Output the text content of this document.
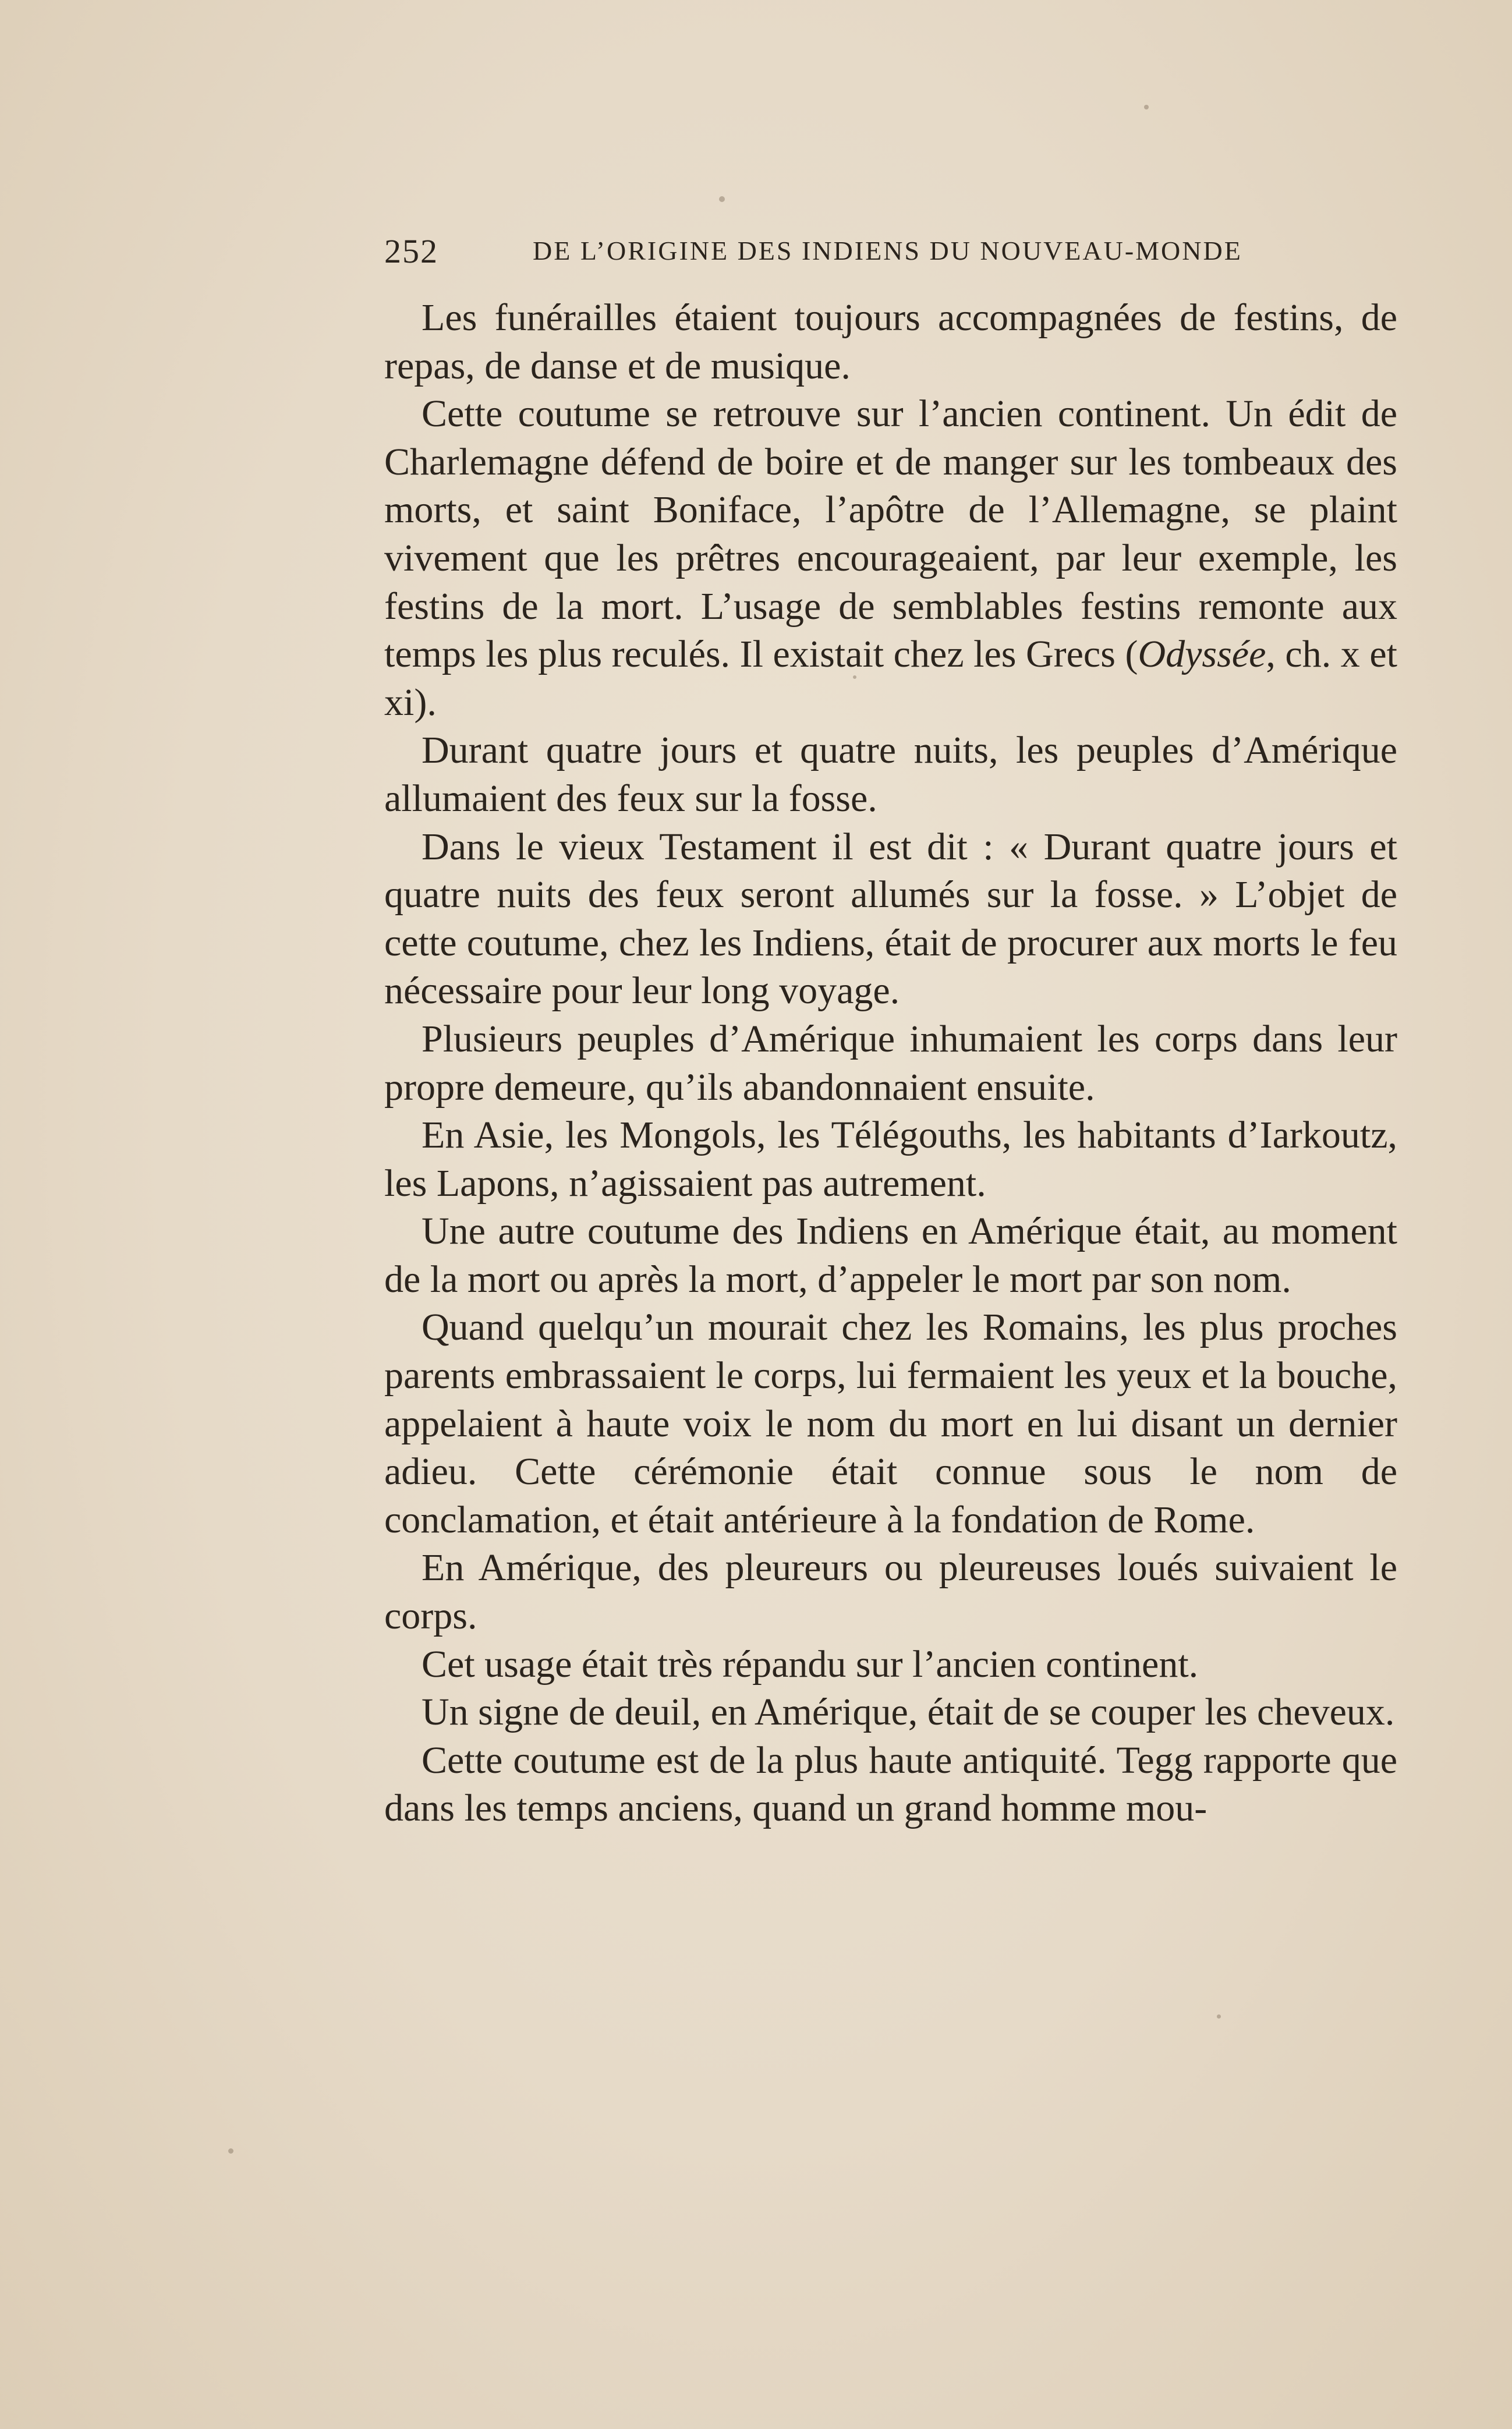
252	DE L’ORIGINE DES INDIENS DU NOUVEAU-MONDE

Les funérailles étaient toujours accompagnées de festins, de repas, de danse et de musique.

Cette coutume se retrouve sur l’ancien continent. Un édit de Charlemagne défend de boire et de manger sur les tombeaux des morts, et saint Boniface, l’apôtre de l’Allemagne, se plaint vivement que les prêtres encourageaient, par leur exemple, les festins de la mort. L’usage de semblables festins remonte aux temps les plus reculés. Il existait chez les Grecs (Odyssée, ch. x et xi).

Durant quatre jours et quatre nuits, les peuples d’Amérique allumaient des feux sur la fosse.

Dans le vieux Testament il est dit : « Durant quatre jours et quatre nuits des feux seront allumés sur la fosse. » L’objet de cette coutume, chez les Indiens, était de procurer aux morts le feu nécessaire pour leur long voyage.

Plusieurs peuples d’Amérique inhumaient les corps dans leur propre demeure, qu’ils abandonnaient ensuite.

En Asie, les Mongols, les Télégouths, les habitants d’Iarkoutz, les Lapons, n’agissaient pas autrement.

Une autre coutume des Indiens en Amérique était, au moment de la mort ou après la mort, d’appeler le mort par son nom.

Quand quelqu’un mourait chez les Romains, les plus proches parents embrassaient le corps, lui fermaient les yeux et la bouche, appelaient à haute voix le nom du mort en lui disant un dernier adieu. Cette cérémonie était connue sous le nom de conclamation, et était antérieure à la fondation de Rome.

En Amérique, des pleureurs ou pleureuses loués suivaient le corps.

Cet usage était très répandu sur l’ancien continent.

Un signe de deuil, en Amérique, était de se couper les cheveux.

Cette coutume est de la plus haute antiquité. Tegg rapporte que dans les temps anciens, quand un grand homme mou-
